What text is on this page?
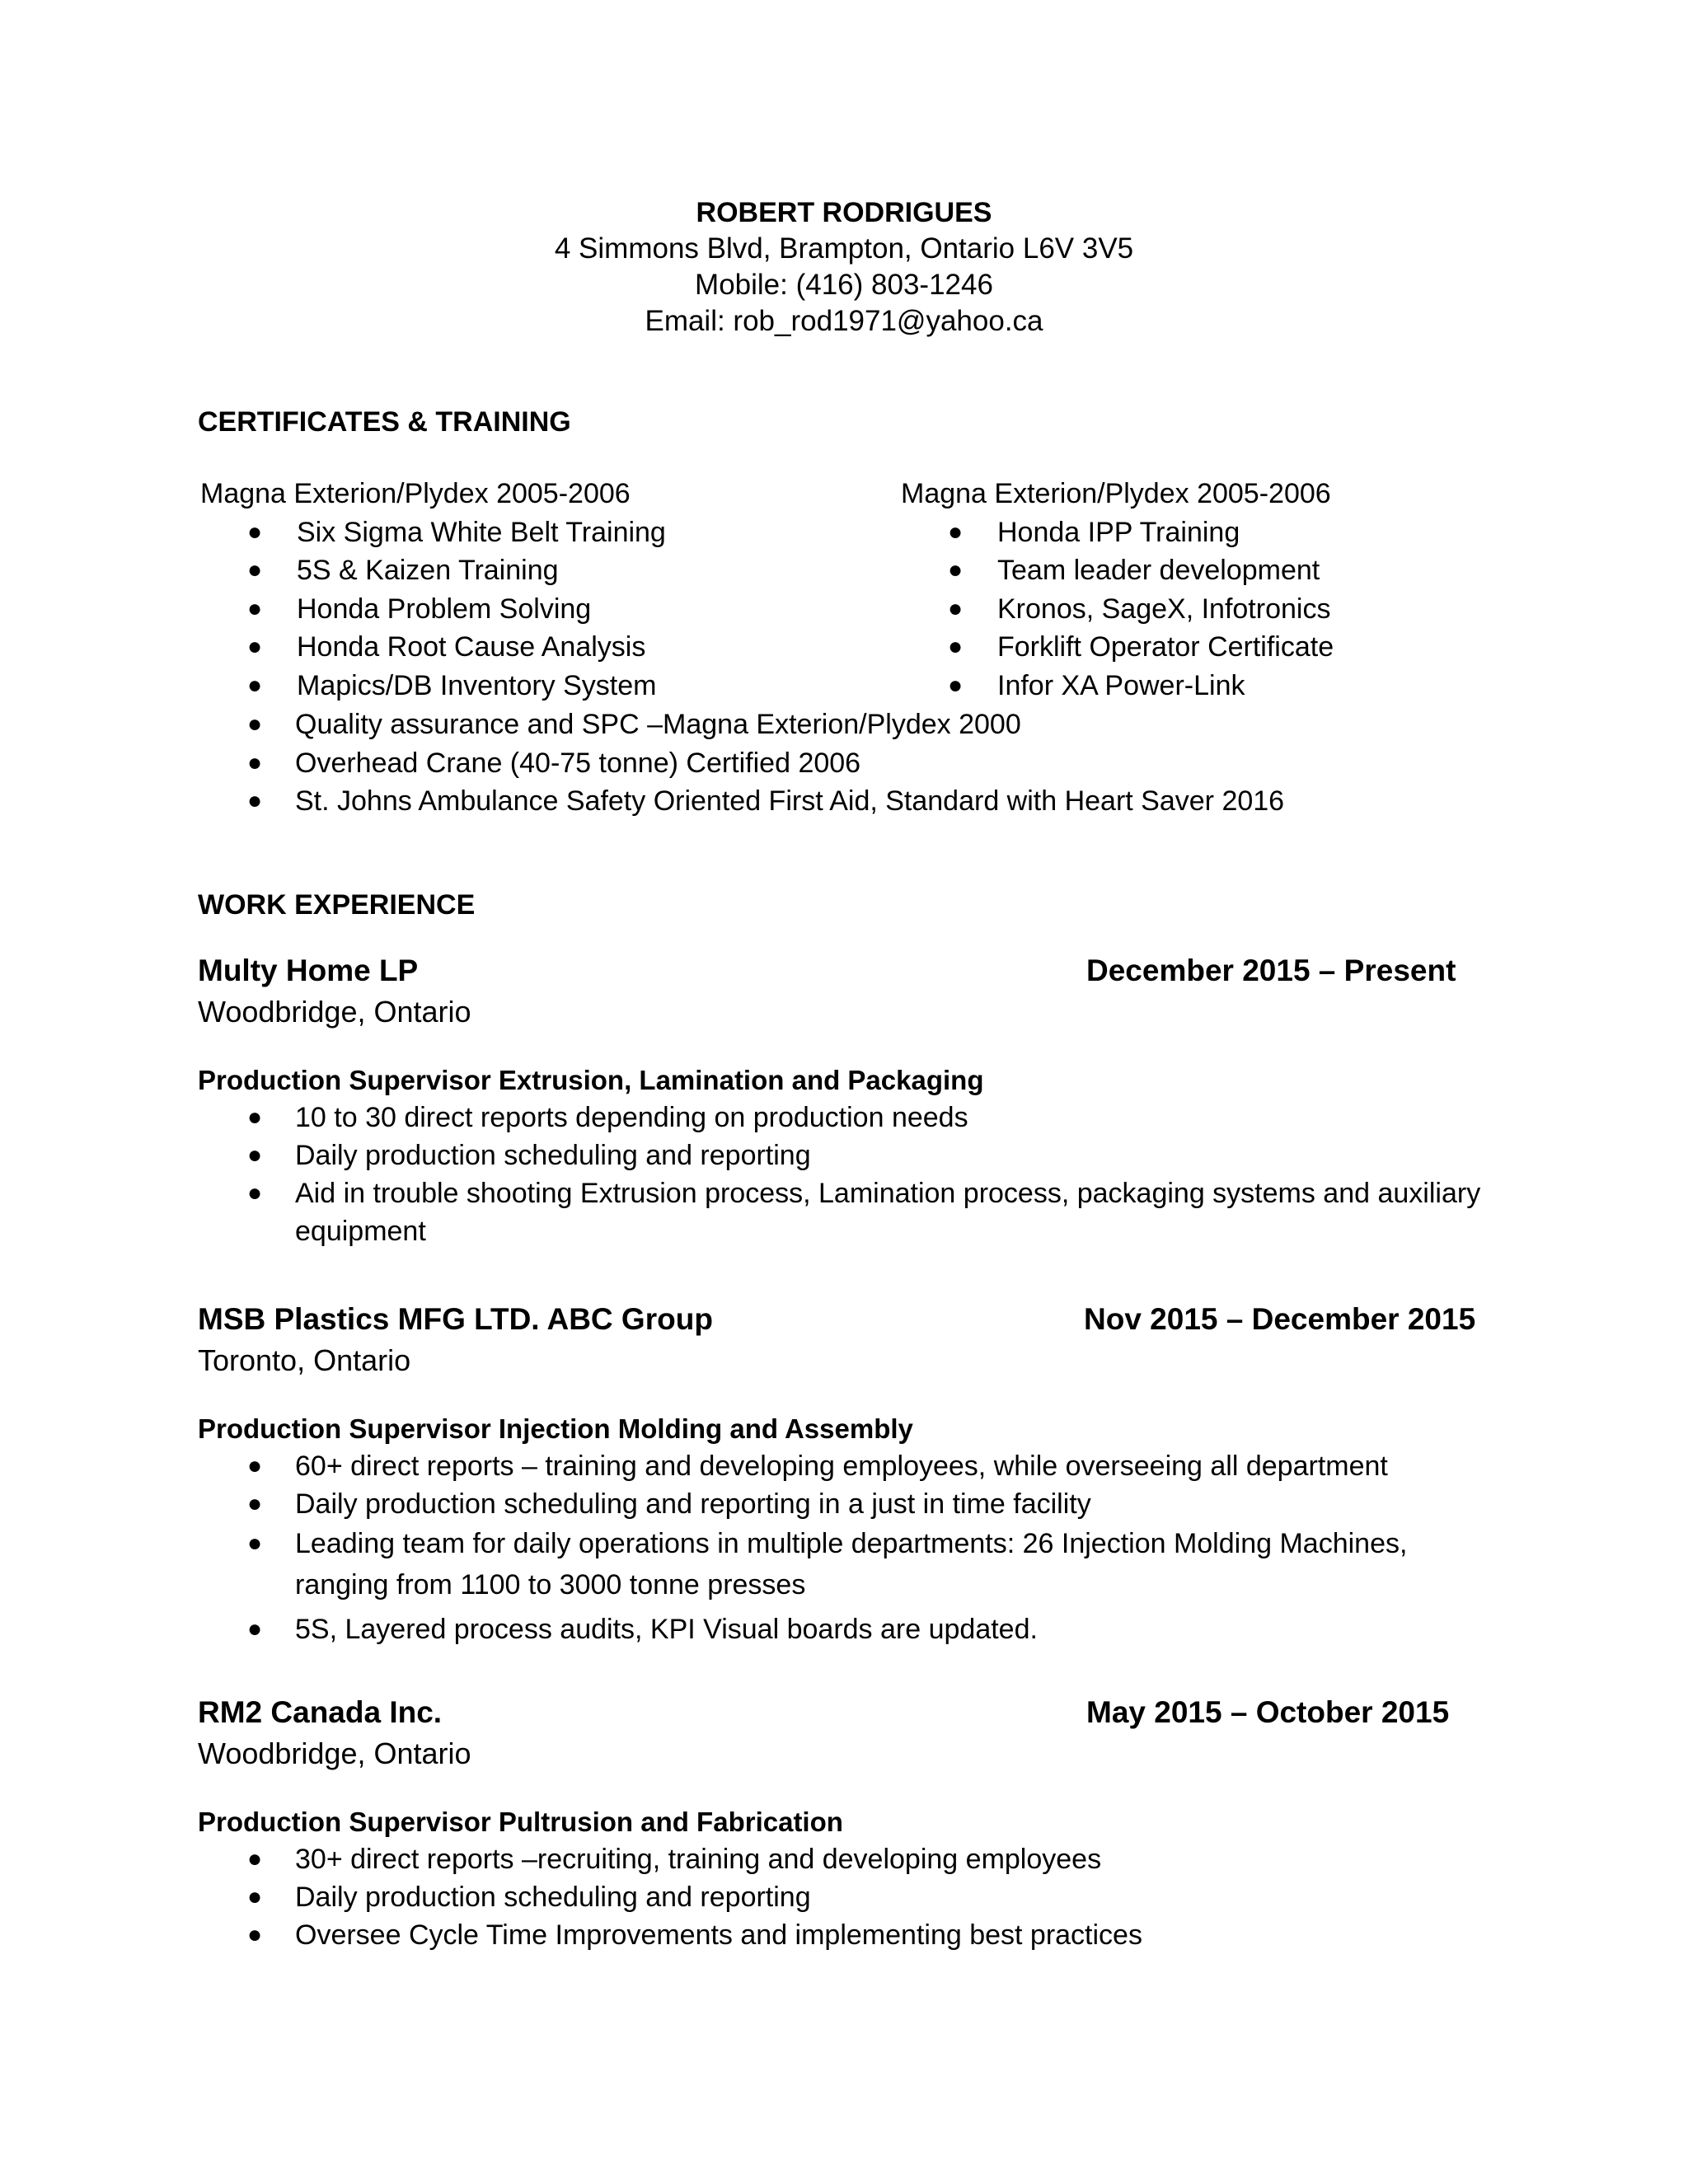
ROBERT RODRIGUES
4 Simmons Blvd, Brampton, Ontario L6V 3V5
Mobile: (416) 803-1246
Email: rob_rod1971@yahoo.ca
CERTIFICATES & TRAINING
Magna Exterion/Plydex 2005-2006
● Six Sigma White Belt Training
● 5S & Kaizen Training
● Honda Problem Solving
● Honda Root Cause Analysis
● Mapics/DB Inventory System
Magna Exterion/Plydex 2005-2006
● Honda IPP Training
● Team leader development
● Kronos, SageX, Infotronics
● Forklift Operator Certificate
● Infor XA Power-Link
● Quality assurance and SPC –Magna Exterion/Plydex 2000
● Overhead Crane (40-75 tonne) Certified 2006
● St. Johns Ambulance Safety Oriented First Aid, Standard with Heart Saver 2016
WORK EXPERIENCE
Multy Home LP	December 2015 – Present
Woodbridge, Ontario
Production Supervisor Extrusion, Lamination and Packaging
● 10 to 30 direct reports depending on production needs
● Daily production scheduling and reporting
● Aid in trouble shooting Extrusion process, Lamination process, packaging systems and auxiliary equipment
MSB Plastics MFG LTD. ABC Group	Nov 2015 – December 2015
Toronto, Ontario
Production Supervisor Injection Molding and Assembly
● 60+ direct reports – training and developing employees, while overseeing all department
● Daily production scheduling and reporting in a just in time facility
● Leading team for daily operations in multiple departments: 26 Injection Molding Machines, ranging from 1100 to 3000 tonne presses
● 5S, Layered process audits, KPI Visual boards are updated.
RM2 Canada Inc.	May 2015 – October 2015
Woodbridge, Ontario
Production Supervisor Pultrusion and Fabrication
● 30+ direct reports –recruiting, training and developing employees
● Daily production scheduling and reporting
● Oversee Cycle Time Improvements and implementing best practices
